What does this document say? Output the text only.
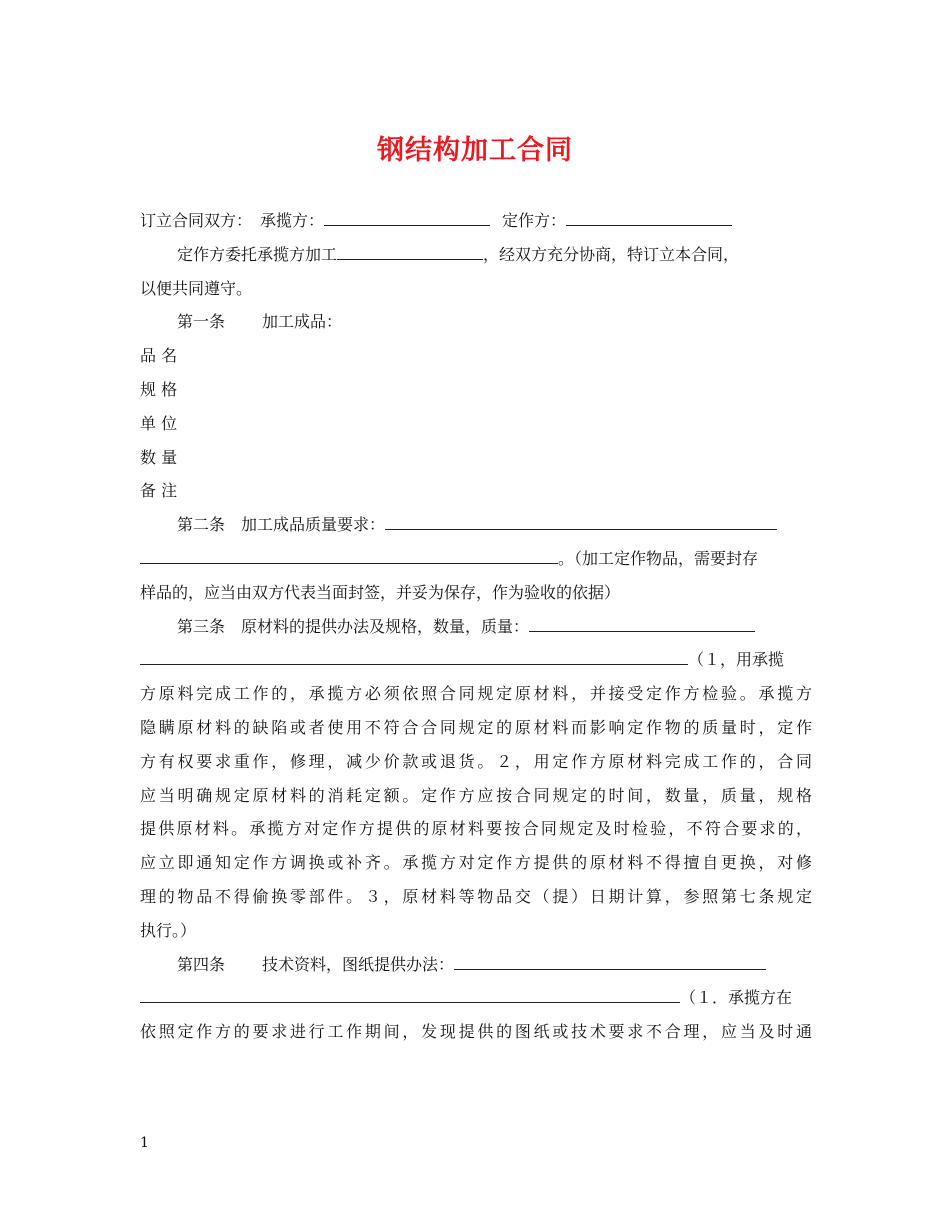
钢结构加工合同
订立合同双方： 承揽方：	定作方：
定作方委托承揽方加工	，经双方充分协商，特订立本合同，
以便共同遵守。
第一条 加工成品：
品 名
规 格
单 位
数 量
备 注
第二条 加工成品质量要求：
。（加工定作物品，需要封存
样品的，应当由双方代表当面封签，并妥为保存，作为验收的依据）
第三条 原材料的提供办法及规格，数量，质量：
（１，用承揽
方原料完成工作的，承揽方必须依照合同规定原材料，并接受定作方检验。承揽方
隐瞒原材料的缺陷或者使用不符合合同规定的原材料而影响定作物的质量时，定作
方有权要求重作，修理，减少价款或退货。２，用定作方原材料完成工作的，合同
应当明确规定原材料的消耗定额。定作方应按合同规定的时间，数量，质量，规格
提供原材料。承揽方对定作方提供的原材料要按合同规定及时检验，不符合要求的，
应立即通知定作方调换或补齐。承揽方对定作方提供的原材料不得擅自更换，对修
理的物品不得偷换零部件。３，原材料等物品交（提）日期计算，参照第七条规定
执行。）
第四条 技术资料，图纸提供办法：
（１．承揽方在
依照定作方的要求进行工作期间，发现提供的图纸或技术要求不合理，应当及时通
1
